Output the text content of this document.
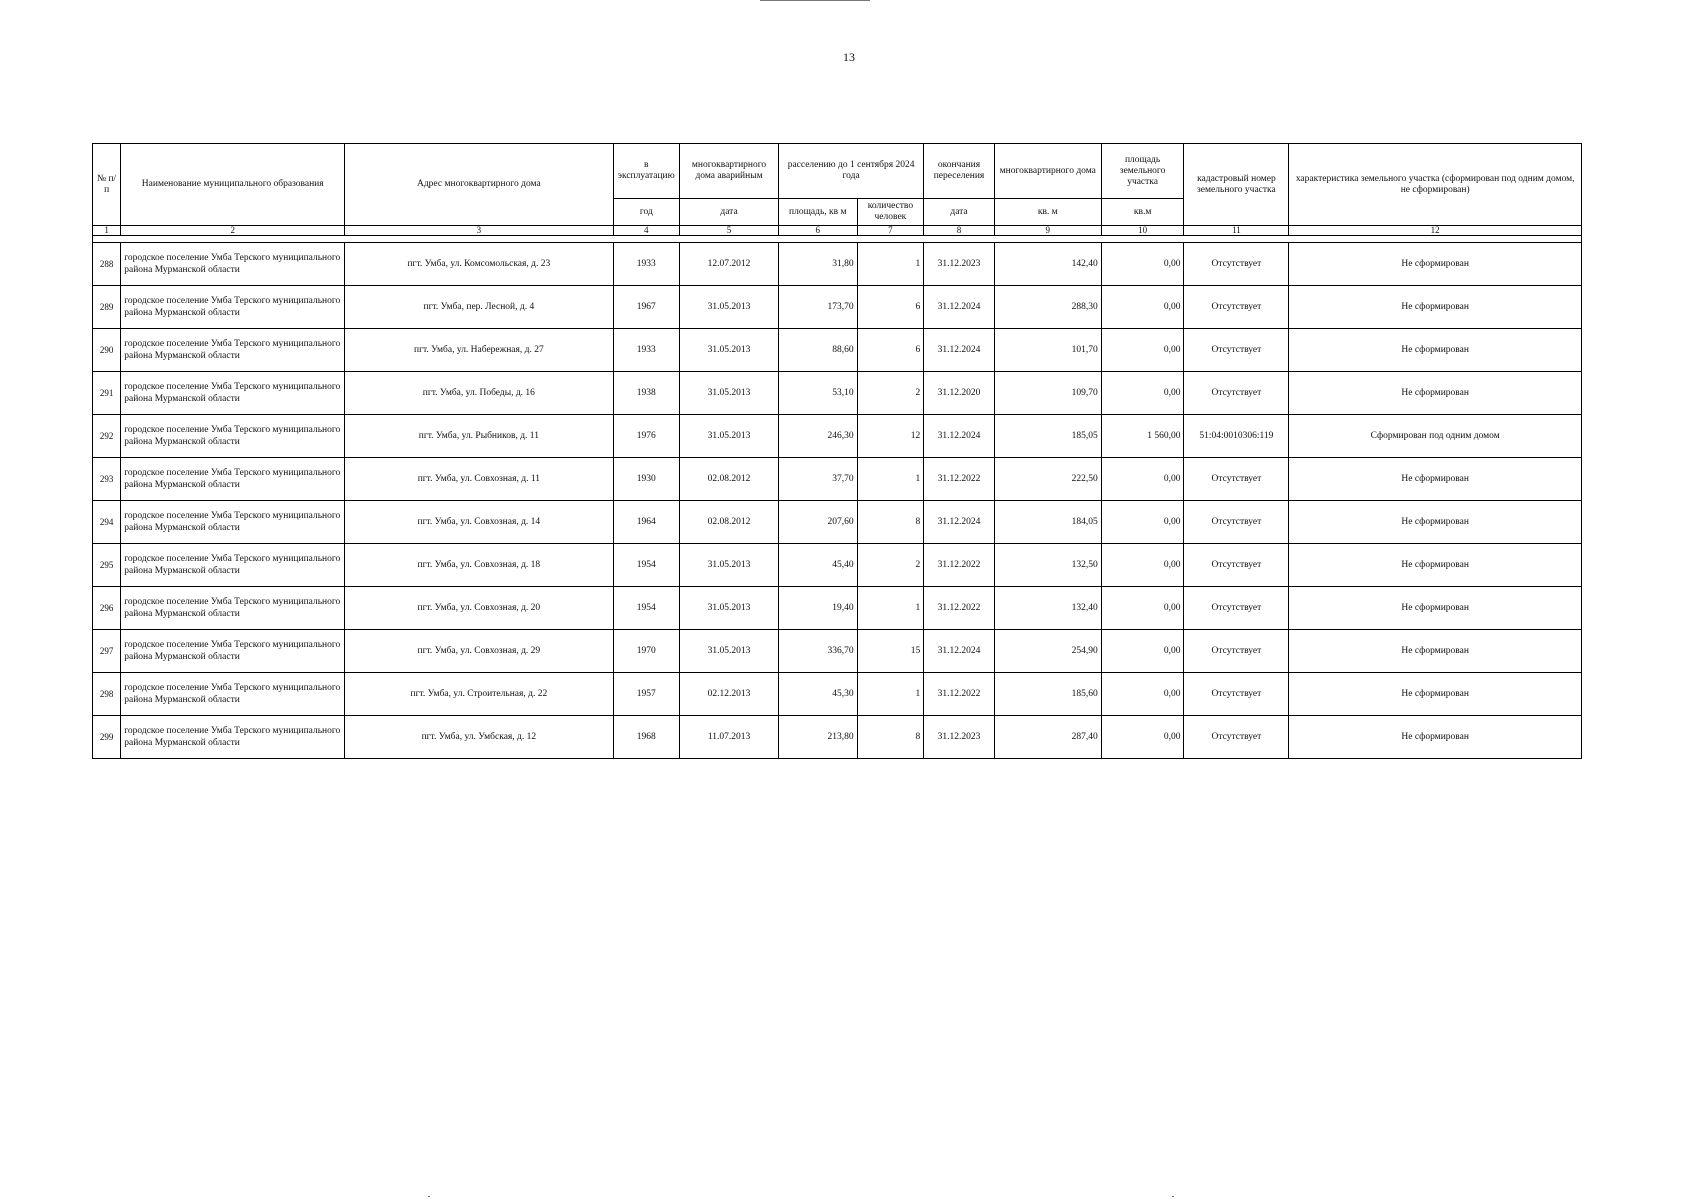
13
№ п/п	Наименование муниципального образования	Адрес многоквартирного дома	в эксплуатацию	многоквартирного дома аварийным	расселению до 1 сентября 2024 года		окончания переселения	многоквартирного дома	площадь земельного участка	кадастровый номер земельного участка	характеристика земельного участка (сформирован под одним домом, не сформирован)
			год	дата	площадь, кв м	количество человек	дата	кв. м	кв.м		
1	2	3	4	5	6	7	8	9	10	11	12

288	городское поселение Умба Терского муниципального района Мурманской области	пгт. Умба, ул. Комсомольская, д. 23	1933	12.07.2012	31,80	1	31.12.2023	142,40	0,00	Отсутствует	Не сформирован
289	городское поселение Умба Терского муниципального района Мурманской области	пгт. Умба, пер. Лесной, д. 4	1967	31.05.2013	173,70	6	31.12.2024	288,30	0,00	Отсутствует	Не сформирован
290	городское поселение Умба Терского муниципального района Мурманской области	пгт. Умба, ул. Набережная, д. 27	1933	31.05.2013	88,60	6	31.12.2024	101,70	0,00	Отсутствует	Не сформирован
291	городское поселение Умба Терского муниципального района Мурманской области	пгт. Умба, ул. Победы, д. 16	1938	31.05.2013	53,10	2	31.12.2020	109,70	0,00	Отсутствует	Не сформирован
292	городское поселение Умба Терского муниципального района Мурманской области	пгт. Умба, ул. Рыбников, д. 11	1976	31.05.2013	246,30	12	31.12.2024	185,05	1 560,00	51:04:0010306:119	Сформирован под одним домом
293	городское поселение Умба Терского муниципального района Мурманской области	пгт. Умба, ул. Совхозная, д. 11	1930	02.08.2012	37,70	1	31.12.2022	222,50	0,00	Отсутствует	Не сформирован
294	городское поселение Умба Терского муниципального района Мурманской области	пгт. Умба, ул. Совхозная, д. 14	1964	02.08.2012	207,60	8	31.12.2024	184,05	0,00	Отсутствует	Не сформирован
295	городское поселение Умба Терского муниципального района Мурманской области	пгт. Умба, ул. Совхозная, д. 18	1954	31.05.2013	45,40	2	31.12.2022	132,50	0,00	Отсутствует	Не сформирован
296	городское поселение Умба Терского муниципального района Мурманской области	пгт. Умба, ул. Совхозная, д. 20	1954	31.05.2013	19,40	1	31.12.2022	132,40	0,00	Отсутствует	Не сформирован
297	городское поселение Умба Терского муниципального района Мурманской области	пгт. Умба, ул. Совхозная, д. 29	1970	31.05.2013	336,70	15	31.12.2024	254,90	0,00	Отсутствует	Не сформирован
298	городское поселение Умба Терского муниципального района Мурманской области	пгт. Умба, ул. Строительная, д. 22	1957	02.12.2013	45,30	1	31.12.2022	185,60	0,00	Отсутствует	Не сформирован
299	городское поселение Умба Терского муниципального района Мурманской области	пгт. Умба, ул. Умбская, д. 12	1968	11.07.2013	213,80	8	31.12.2023	287,40	0,00	Отсутствует	Не сформирован
